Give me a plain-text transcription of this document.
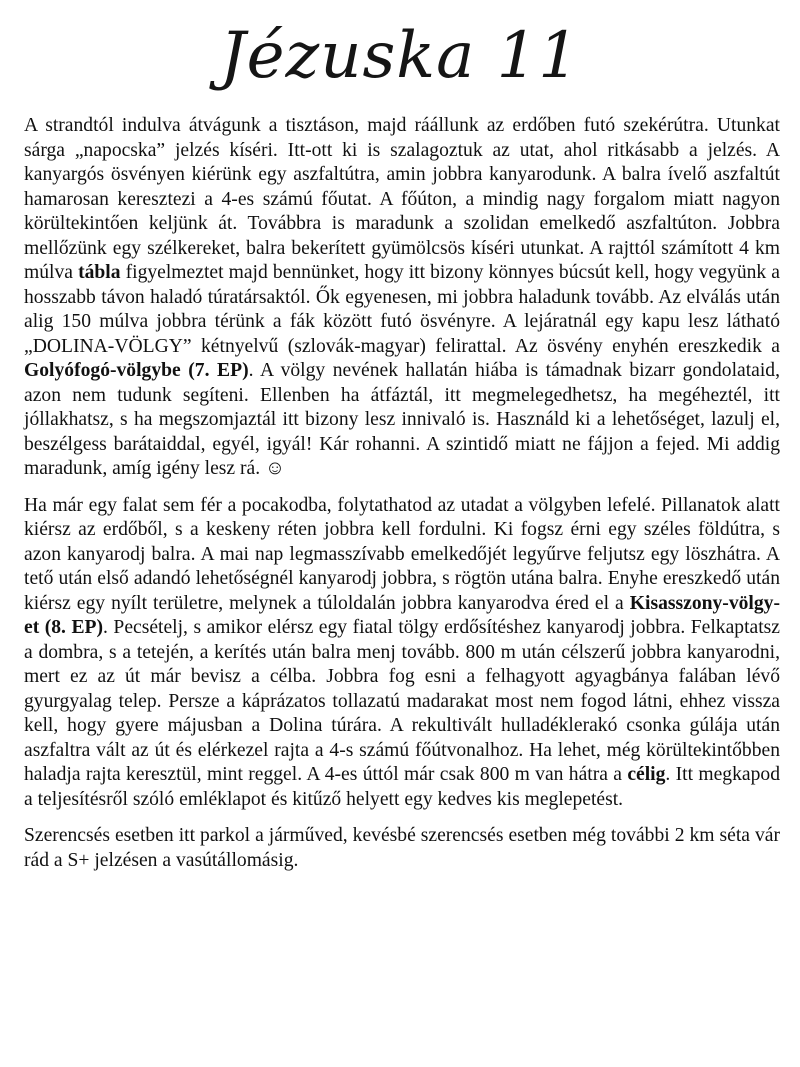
Jézuska 11

A strandtól indulva átvágunk a tisztáson, majd ráállunk az erdőben futó szekérútra. Utunkat sárga „napocska” jelzés kíséri. Itt-ott ki is szalagoztuk az utat, ahol ritkásabb a jelzés. A kanyargós ösvényen kiérünk egy aszfaltútra, amin jobbra kanyarodunk. A balra ívelő aszfaltút hamarosan keresztezi a 4-es számú főutat. A főúton, a mindig nagy forgalom miatt nagyon körültekintően keljünk át. Továbbra is maradunk a szolidan emelkedő aszfaltúton. Jobbra mellőzünk egy szélkereket, balra bekerített gyümölcsös kíséri utunkat. A rajttól számított 4 km múlva tábla figyelmeztet majd bennünket, hogy itt bizony könnyes búcsút kell, hogy vegyünk a hosszabb távon haladó túratársaktól. Ők egyenesen, mi jobbra haladunk tovább. Az elválás után alig 150 múlva jobbra térünk a fák között futó ösvényre. A lejáratnál egy kapu lesz látható „DOLINA-VÖLGY” kétnyelvű (szlovák-magyar) felirattal. Az ösvény enyhén ereszkedik a Golyófogó-völgybe (7. EP). A völgy nevének hallatán hiába is támadnak bizarr gondolataid, azon nem tudunk segíteni. Ellenben ha átfáztál, itt megmelegedhetsz, ha megéheztél, itt jóllakhatsz, s ha megszomjaztál itt bizony lesz innivaló is. Használd ki a lehetőséget, lazulj el, beszélgess barátaiddal, egyél, igyál! Kár rohanni. A szintidő miatt ne fájjon a fejed. Mi addig maradunk, amíg igény lesz rá. ☺

Ha már egy falat sem fér a pocakodba, folytathatod az utadat a völgyben lefelé. Pillanatok alatt kiérsz az erdőből, s a keskeny réten jobbra kell fordulni. Ki fogsz érni egy széles földútra, s azon kanyarodj balra. A mai nap legmasszívabb emelkedőjét legyűrve feljutsz egy löszhátra. A tető után első adandó lehetőségnél kanyarodj jobbra, s rögtön utána balra. Enyhe ereszkedő után kiérsz egy nyílt területre, melynek a túloldalán jobbra kanyarodva éred el a Kisasszony-völgy-et (8. EP). Pecsételj, s amikor elérsz egy fiatal tölgy erdősítéshez kanyarodj jobbra. Felkaptatsz a dombra, s a tetején, a kerítés után balra menj tovább. 800 m után célszerű jobbra kanyarodni, mert ez az út már bevisz a célba. Jobbra fog esni a felhagyott agyagbánya falában lévő gyurgyalag telep. Persze a káprázatos tollazatú madarakat most nem fogod látni, ehhez vissza kell, hogy gyere májusban a Dolina túrára. A rekultivált hulladéklerakó csonka gúlája után aszfaltra vált az út és elérkezel rajta a 4-s számú főútvonalhoz. Ha lehet, még körültekintőbben haladja rajta keresztül, mint reggel. A 4-es úttól már csak 800 m van hátra a célig. Itt megkapod a teljesítésről szóló emléklapot és kitűző helyett egy kedves kis meglepetést.

Szerencsés esetben itt parkol a járműved, kevésbé szerencsés esetben még további 2 km séta vár rád a S+ jelzésen a vasútállomásig.
